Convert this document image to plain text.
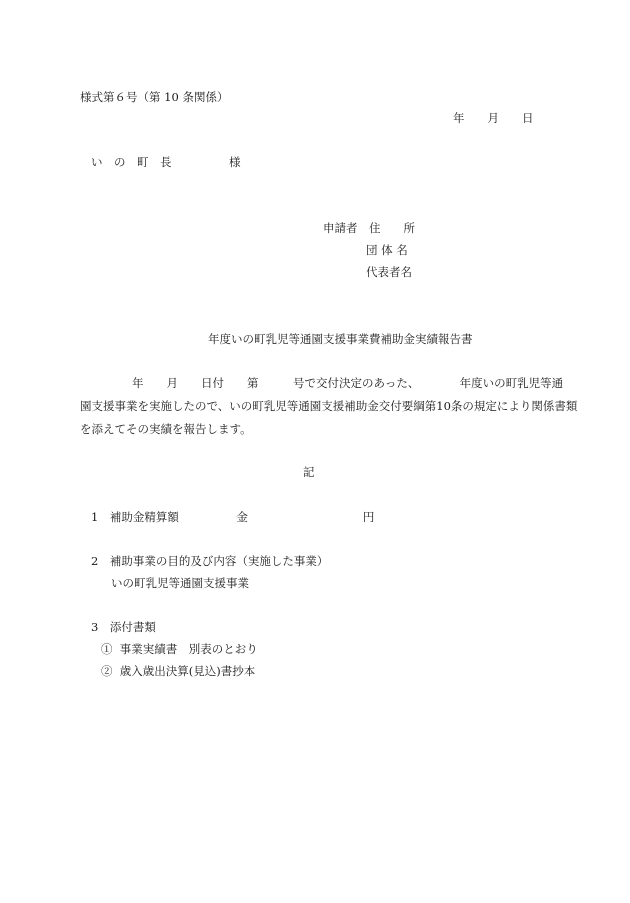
様式第６号（第 10 条関係）
年　　月　　日
い　の　町　長　　　　　様
申請者　住　　所
団 体 名
代表者名
年度いの町乳児等通園支援事業費補助金実績報告書
年　　月　　日付　　第　　　号で交付決定のあった、　　　　年度いの町乳児等通
園支援事業を実施したので、いの町乳児等通園支援補助金交付要綱第10条の規定により関係書類
を添えてその実績を報告します。
記
1　補助金精算額　　　　　金　　　　　　　　　　円
2　補助事業の目的及び内容（実施した事業）
いの町乳児等通園支援事業
3　添付書類
①  事業実績書　別表のとおり
②  歳入歳出決算(見込)書抄本
